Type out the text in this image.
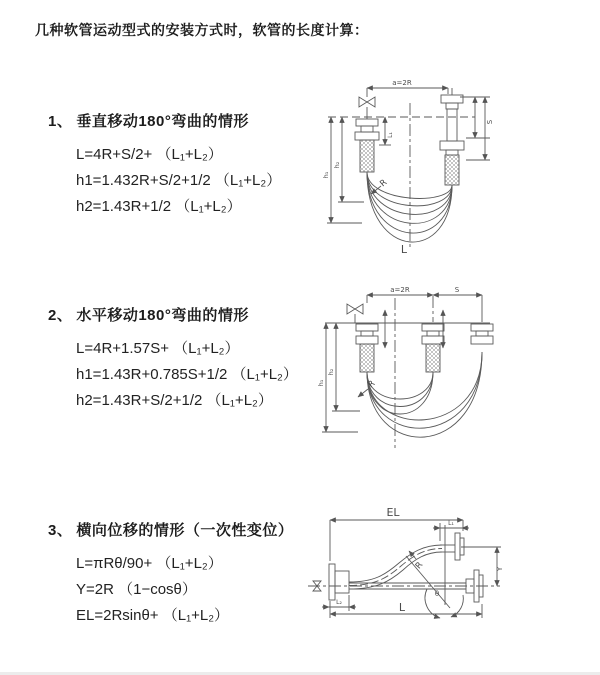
几种软管运动型式的安装方式时，软管的长度计算：
1、 垂直移动180°弯曲的情形
L=4R+S/2+ （L₁+L₂）
h1=1.432R+S/2+1/2 （L₁+L₂）
h2=1.43R+1/2 （L₁+L₂）
a=2R
S
L₁
h₁
h₂
R
L
2、 水平移动180°弯曲的情形
L=4R+1.57S+ （L₁+L₂）
h1=1.43R+0.785S+1/2 （L₁+L₂）
h2=1.43R+S/2+1/2 （L₁+L₂）
a=2R	S
h₁
h₂
R
3、 横向位移的情形（一次性变位）
L=πRθ/90+ （L₁+L₂）
Y=2R （1−cosθ）
EL=2Rsinθ+ （L₁+L₂）
EL
L₁
L₂	L
Y
θ
R
